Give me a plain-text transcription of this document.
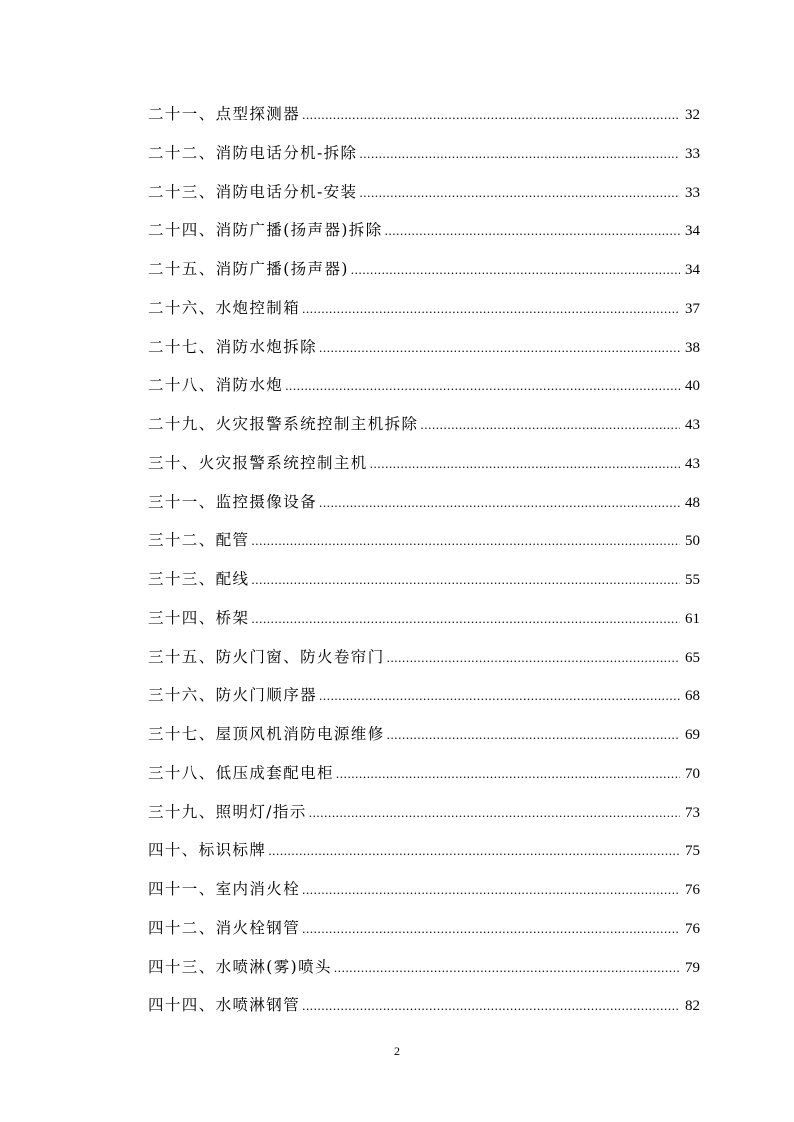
二十一、点型探测器 .....	32
二十二、消防电话分机-拆除 .....	33
二十三、消防电话分机-安装 .....	33
二十四、消防广播(扬声器)拆除 .....	34
二十五、消防广播(扬声器) .....	34
二十六、水炮控制箱 .....	37
二十七、消防水炮拆除 .....	38
二十八、消防水炮 .....	40
二十九、火灾报警系统控制主机拆除 .....	43
三十、火灾报警系统控制主机 .....	43
三十一、监控摄像设备 .....	48
三十二、配管 .....	50
三十三、配线 .....	55
三十四、桥架 .....	61
三十五、防火门窗、防火卷帘门 .....	65
三十六、防火门顺序器 .....	68
三十七、屋顶风机消防电源维修 .....	69
三十八、低压成套配电柜 .....	70
三十九、照明灯/指示 .....	73
四十、标识标牌 .....	75
四十一、室内消火栓 .....	76
四十二、消火栓钢管 .....	76
四十三、水喷淋(雾)喷头 .....	79
四十四、水喷淋钢管 .....	82
2
